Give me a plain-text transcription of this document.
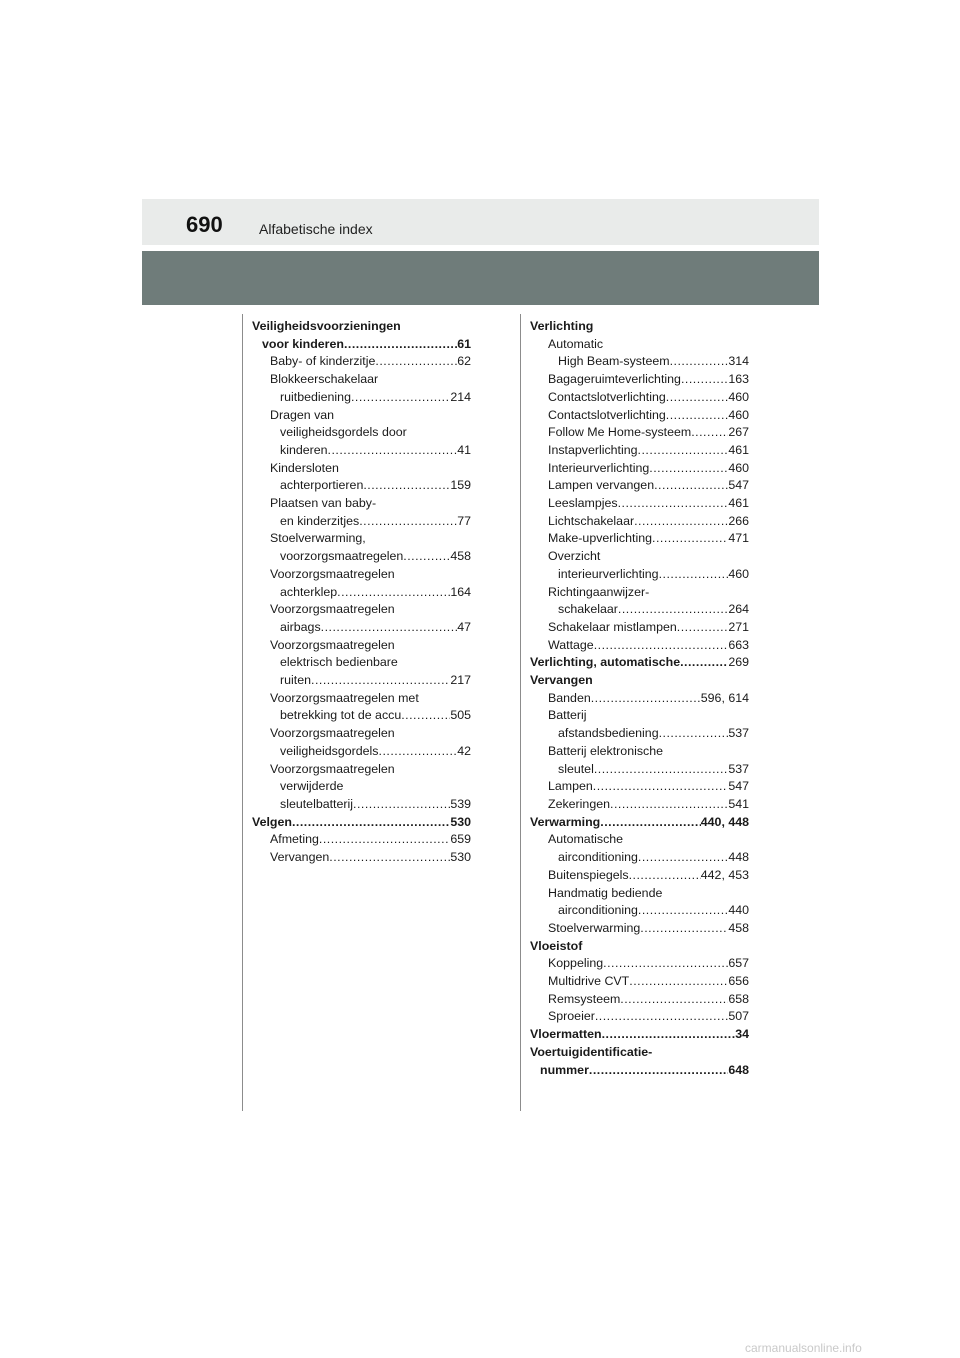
690	Alfabetische index
Veiligheidsvoorzieningen
voor kinderen .....	61
Baby- of kinderzitje .....	62
Blokkeerschakelaar
ruitbediening .....	214
Dragen van
veiligheidsgordels door
kinderen .....	41
Kindersloten
achterportieren .....	159
Plaatsen van baby-
en kinderzitjes .....	77
Stoelverwarming,
voorzorgsmaatregelen .....	458
Voorzorgsmaatregelen
achterklep .....	164
Voorzorgsmaatregelen
airbags .....	47
Voorzorgsmaatregelen
elektrisch bedienbare
ruiten .....	217
Voorzorgsmaatregelen met
betrekking tot de accu .....	505
Voorzorgsmaatregelen
veiligheidsgordels .....	42
Voorzorgsmaatregelen
verwijderde
sleutelbatterij .....	539
Velgen .....	530
Afmeting .....	659
Vervangen .....	530
Verlichting
Automatic
High Beam-systeem .....	314
Bagageruimteverlichting .....	163
Contactslotverlichting .....	460
Contactslotverlichting .....	460
Follow Me Home-systeem .....	267
Instapverlichting .....	461
Interieurverlichting .....	460
Lampen vervangen .....	547
Leeslampjes .....	461
Lichtschakelaar .....	266
Make-upverlichting .....	471
Overzicht
interieurverlichting .....	460
Richtingaanwijzer-
schakelaar .....	264
Schakelaar mistlampen .....	271
Wattage .....	663
Verlichting, automatische .....	269
Vervangen
Banden .....	596, 614
Batterij
afstandsbediening .....	537
Batterij elektronische
sleutel .....	537
Lampen .....	547
Zekeringen .....	541
Verwarming .....	440, 448
Automatische
airconditioning .....	448
Buitenspiegels .....	442, 453
Handmatig bediende
airconditioning .....	440
Stoelverwarming .....	458
Vloeistof
Koppeling .....	657
Multidrive CVT .....	656
Remsysteem .....	658
Sproeier .....	507
Vloermatten .....	34
Voertuigidentificatie-
nummer .....	648
carmanualsonline.info
